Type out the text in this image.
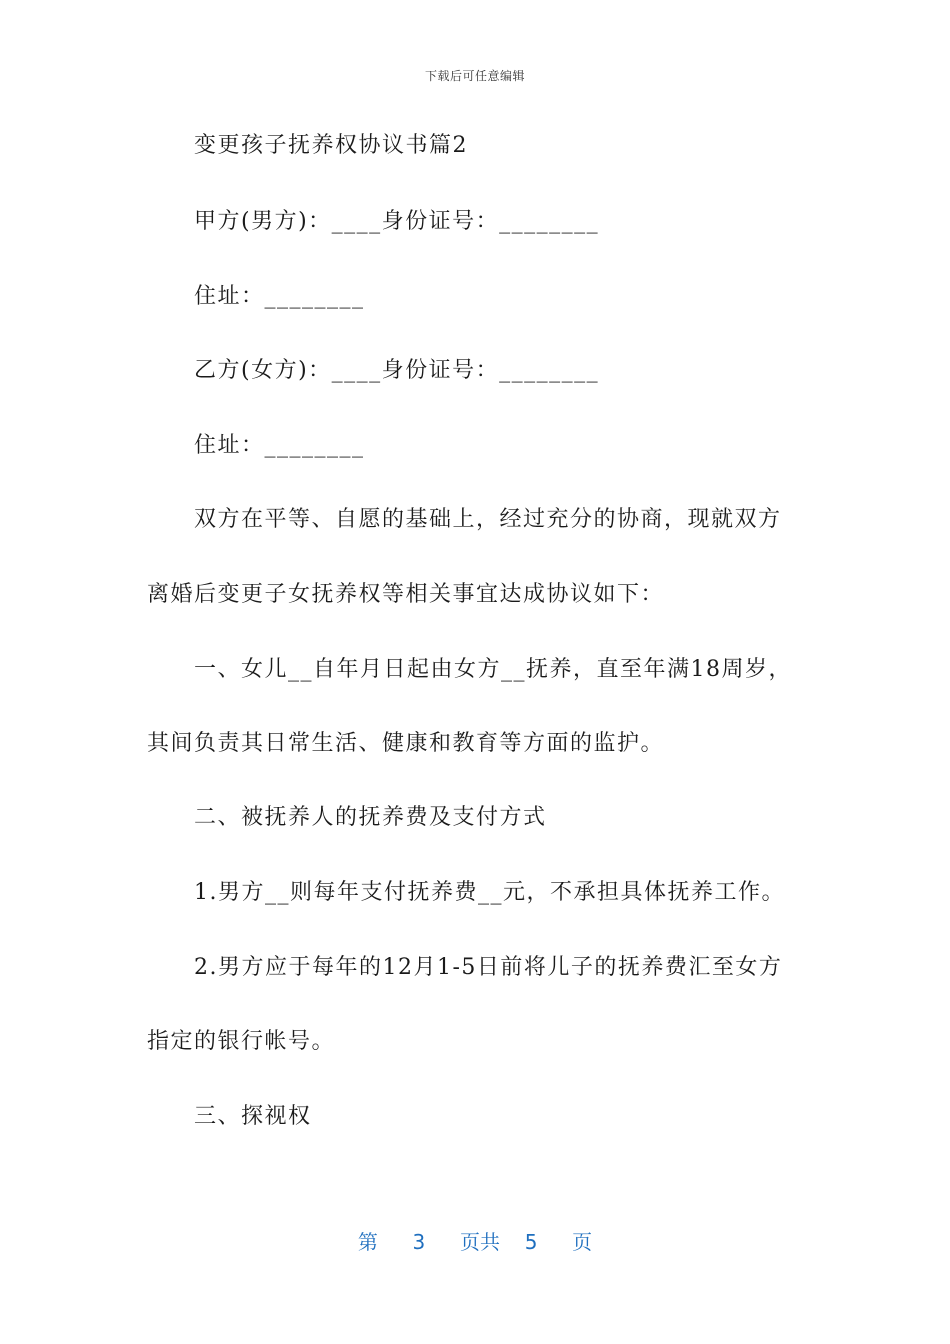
下载后可任意编辑
变更孩子抚养权协议书篇2
甲方(男方)：____身份证号：________
住址：________
乙方(女方)：____身份证号：________
住址：________
双方在平等、自愿的基础上，经过充分的协商，现就双方
离婚后变更子女抚养权等相关事宜达成协议如下：
一、女儿__自年月日起由女方__抚养，直至年满18周岁，
其间负责其日常生活、健康和教育等方面的监护。
二、被抚养人的抚养费及支付方式
1.男方__则每年支付抚养费__元，不承担具体抚养工作。
2.男方应于每年的12月1-5日前将儿子的抚养费汇至女方
指定的银行帐号。
三、探视权
第 3 页共 5 页
